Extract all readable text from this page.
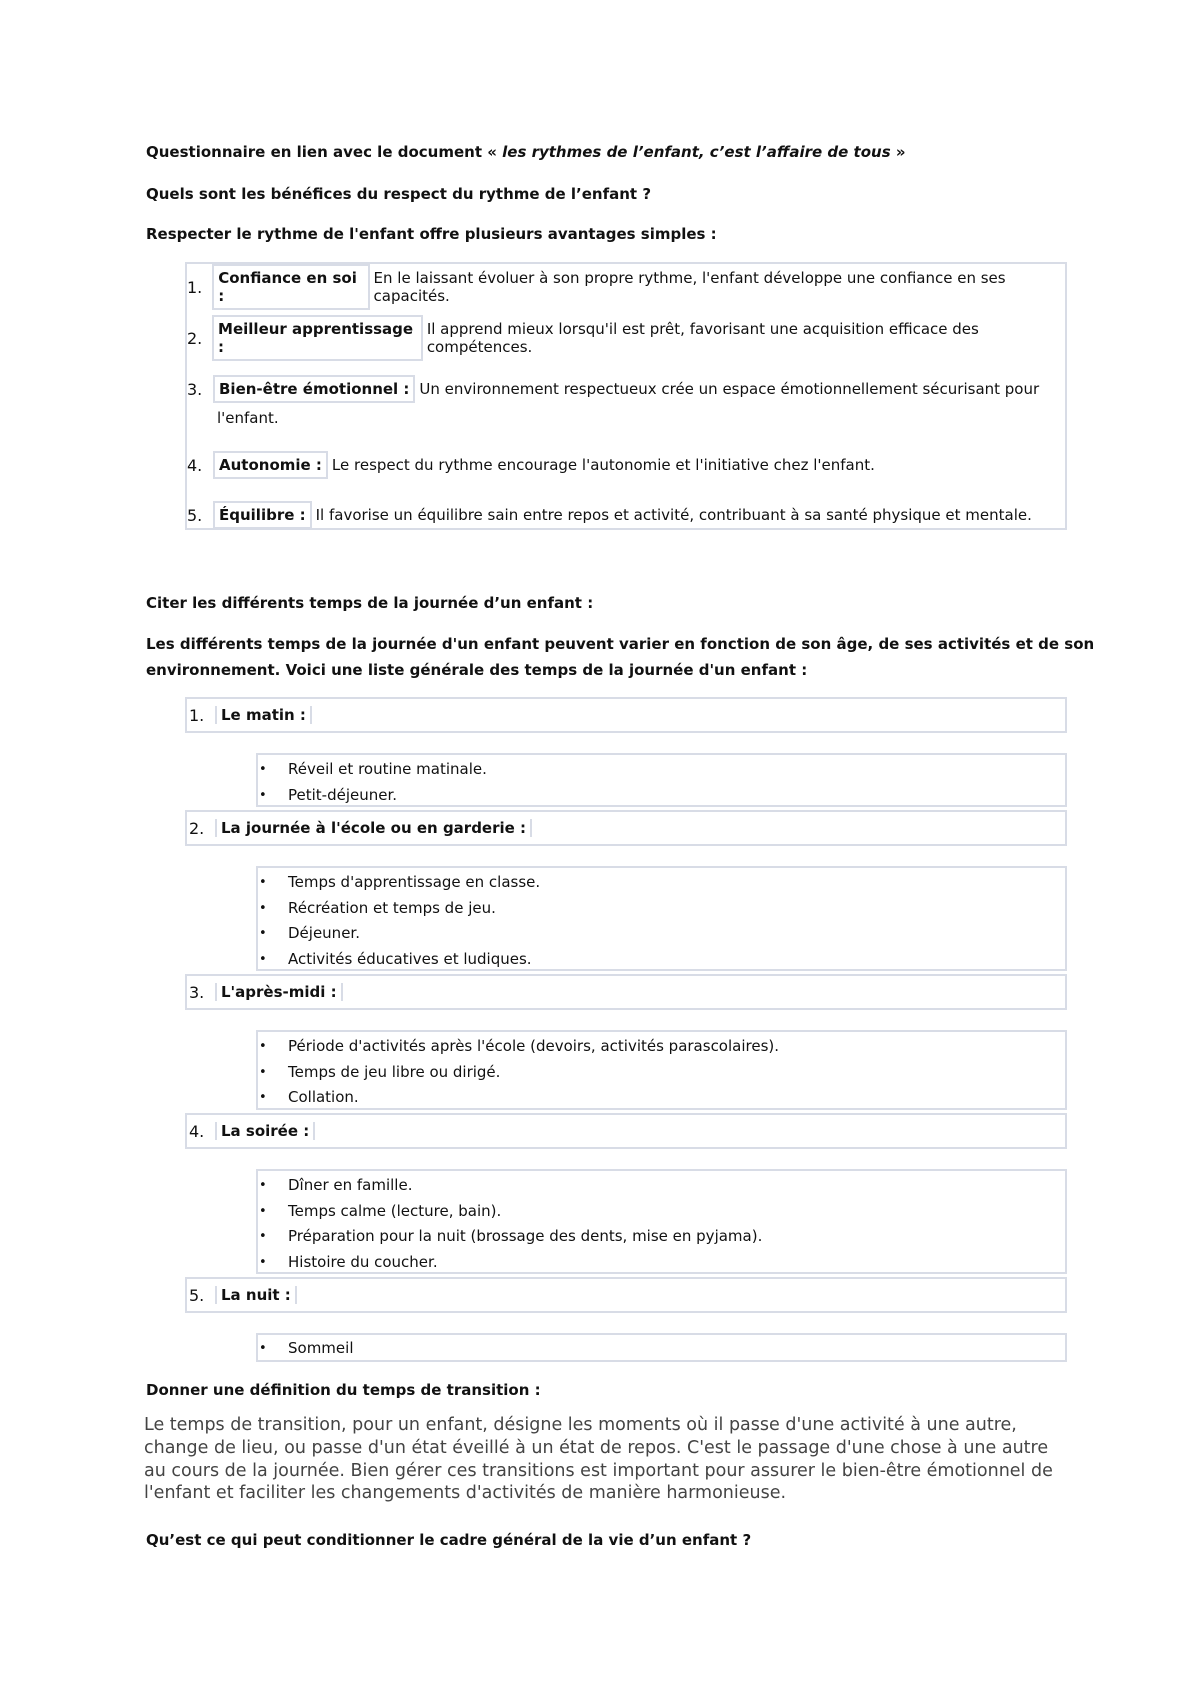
Questionnaire en lien avec le document « les rythmes de l’enfant, c’est l’affaire de tous »
Quels sont les bénéfices du respect du rythme de l’enfant ?
Respecter le rythme de l'enfant offre plusieurs avantages simples :
1.	Confiance en soi :
En le laissant évoluer à son propre rythme, l'enfant développe une confiance en ses capacités.
2.	Meilleur apprentissage :
Il apprend mieux lorsqu'il est prêt, favorisant une acquisition efficace des compétences.
3.	Bien-être émotionnel : Un environnement respectueux crée un espace émotionnellement sécurisant pour
l'enfant.
4.	Autonomie : Le respect du rythme encourage l'autonomie et l'initiative chez l'enfant.
5.	Équilibre : Il favorise un équilibre sain entre repos et activité, contribuant à sa santé physique et mentale.
Citer les différents temps de la journée d’un enfant :
Les différents temps de la journée d'un enfant peuvent varier en fonction de son âge, de ses activités et de son
environnement. Voici une liste générale des temps de la journée d'un enfant :
1.	Le matin :
• Réveil et routine matinale.
• Petit-déjeuner.
2.	La journée à l'école ou en garderie :
• Temps d'apprentissage en classe.
• Récréation et temps de jeu.
• Déjeuner.
• Activités éducatives et ludiques.
3.	L'après-midi :
• Période d'activités après l'école (devoirs, activités parascolaires).
• Temps de jeu libre ou dirigé.
• Collation.
4.	La soirée :
• Dîner en famille.
• Temps calme (lecture, bain).
• Préparation pour la nuit (brossage des dents, mise en pyjama).
• Histoire du coucher.
5.	La nuit :
• Sommeil
Donner une définition du temps de transition :
Le temps de transition, pour un enfant, désigne les moments où il passe d'une activité à une autre, change de lieu, ou passe d'un état éveillé à un état de repos. C'est le passage d'une chose à une autre au cours de la journée. Bien gérer ces transitions est important pour assurer le bien-être émotionnel de l'enfant et faciliter les changements d'activités de manière harmonieuse.
Qu’est ce qui peut conditionner le cadre général de la vie d’un enfant ?
